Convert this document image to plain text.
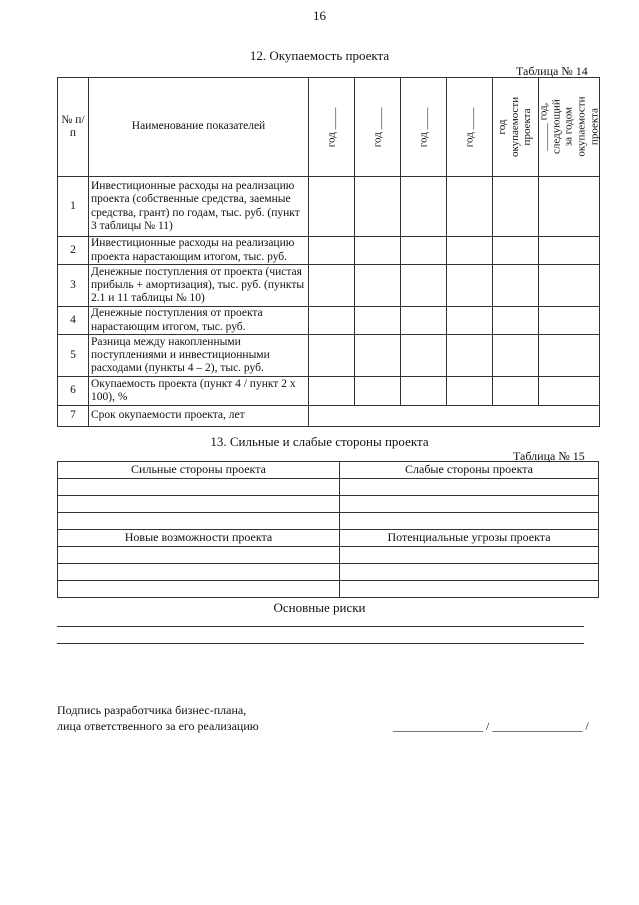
16
12. Окупаемость проекта
Таблица № 14
№ п/п	Наименование показателей	год ____	год ____	год ____	год ____	год окупаемости проекта	_____ год, следующий за годом окупаемости проекта

1	Инвестиционные расходы на реализацию проекта (собственные средства, заемные средства, грант) по годам, тыс. руб. (пункт 3 таблицы № 11)						
2	Инвестиционные расходы на реализацию проекта нарастающим итогом, тыс. руб.						
3	Денежные поступления от проекта (чистая прибыль + амортизация), тыс. руб. (пункты 2.1 и 11 таблицы № 10)						
4	Денежные поступления от проекта нарастающим итогом, тыс. руб.						
5	Разница между накопленными поступлениями и инвестиционными расходами (пункты 4 – 2), тыс. руб.						
6	Окупаемость проекта (пункт 4 / пункт 2 х 100), %						
7	Срок окупаемости проекта, лет						
13. Сильные и слабые стороны проекта
Таблица № 15
Сильные стороны проекта	Слабые стороны проекта

Новые возможности проекта	Потенциальные угрозы проекта

Основные риски
Подпись разработчика бизнес-плана,
лица ответственного за его реализацию	_______________ / _______________ /
